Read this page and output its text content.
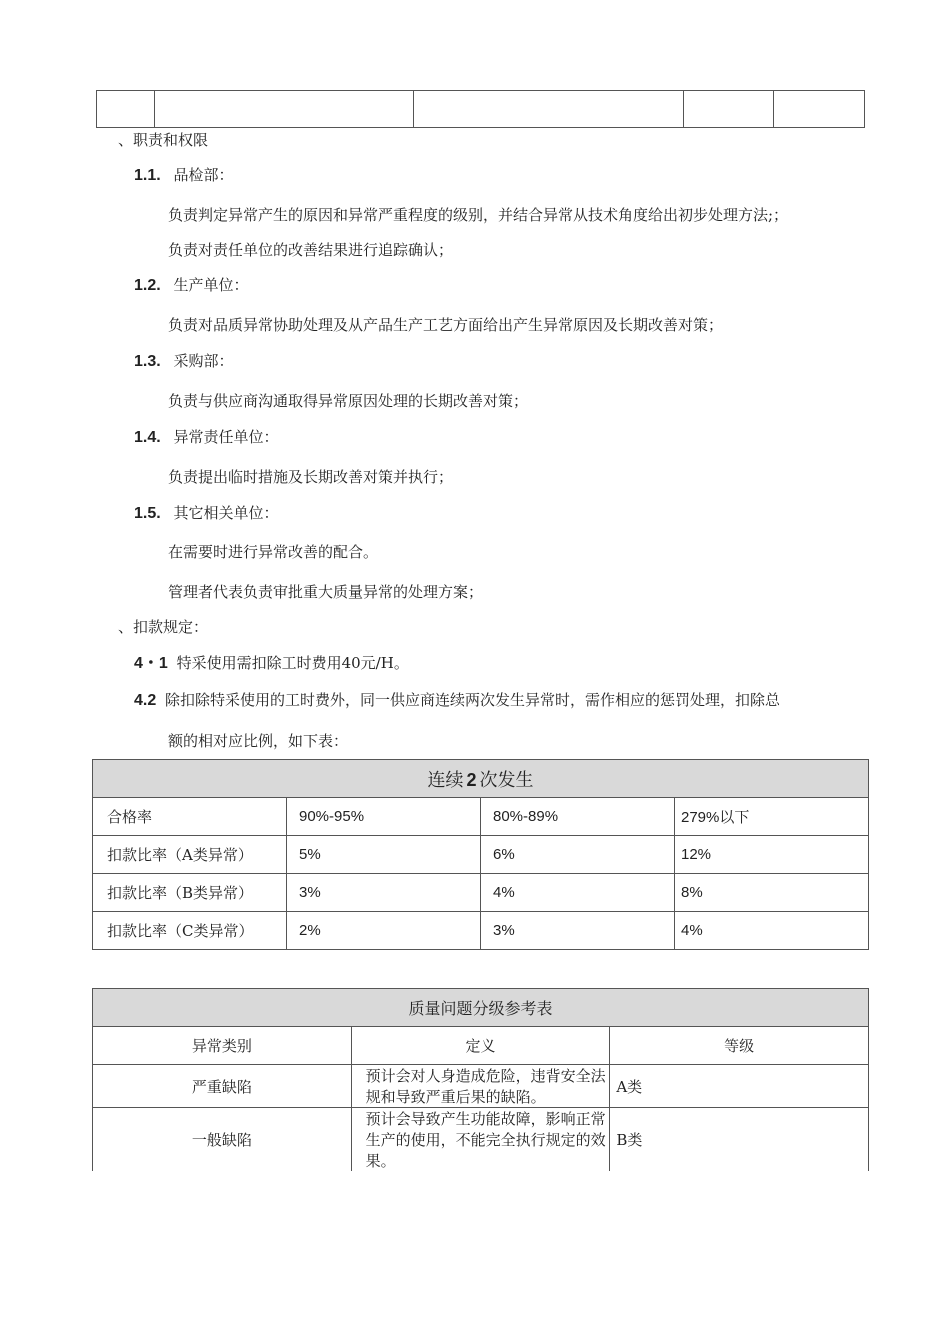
、职责和权限
1.1. 品检部：
负责判定异常产生的原因和异常严重程度的级别，并结合异常从技术角度给出初步处理方法;；
负责对责任单位的改善结果进行追踪确认；
1.2. 生产单位：
负责对品质异常协助处理及从产品生产工艺方面给出产生异常原因及长期改善对策；
1.3. 采购部：
负责与供应商沟通取得异常原因处理的长期改善对策；
1.4. 异常责任单位：
负责提出临时措施及长期改善对策并执行；
1.5. 其它相关单位：
在需要时进行异常改善的配合。
管理者代表负责审批重大质量异常的处理方案；
、扣款规定：
4・1 特采使用需扣除工时费用40元/H。
4.2 除扣除特采使用的工时费外，同一供应商连续两次发生异常时，需作相应的惩罚处理，扣除总
额的相对应比例，如下表：
连续 2 次发生			
合格率	90%-95%	80%-89%	279%以下
扣款比率（A类异常）	5%	6%	12%
扣款比率（B类异常）	3%	4%	8%
扣款比率（C类异常）	2%	3%	4%
质量问题分级参考表		
异常类别	定义	等级
严重缺陷	预计会对人身造成危险，违背安全法规和导致严重后果的缺陷。	A类
一般缺陷	预计会导致产生功能故障，影响正常生产的使用，不能完全执行规定的效果。	B类
